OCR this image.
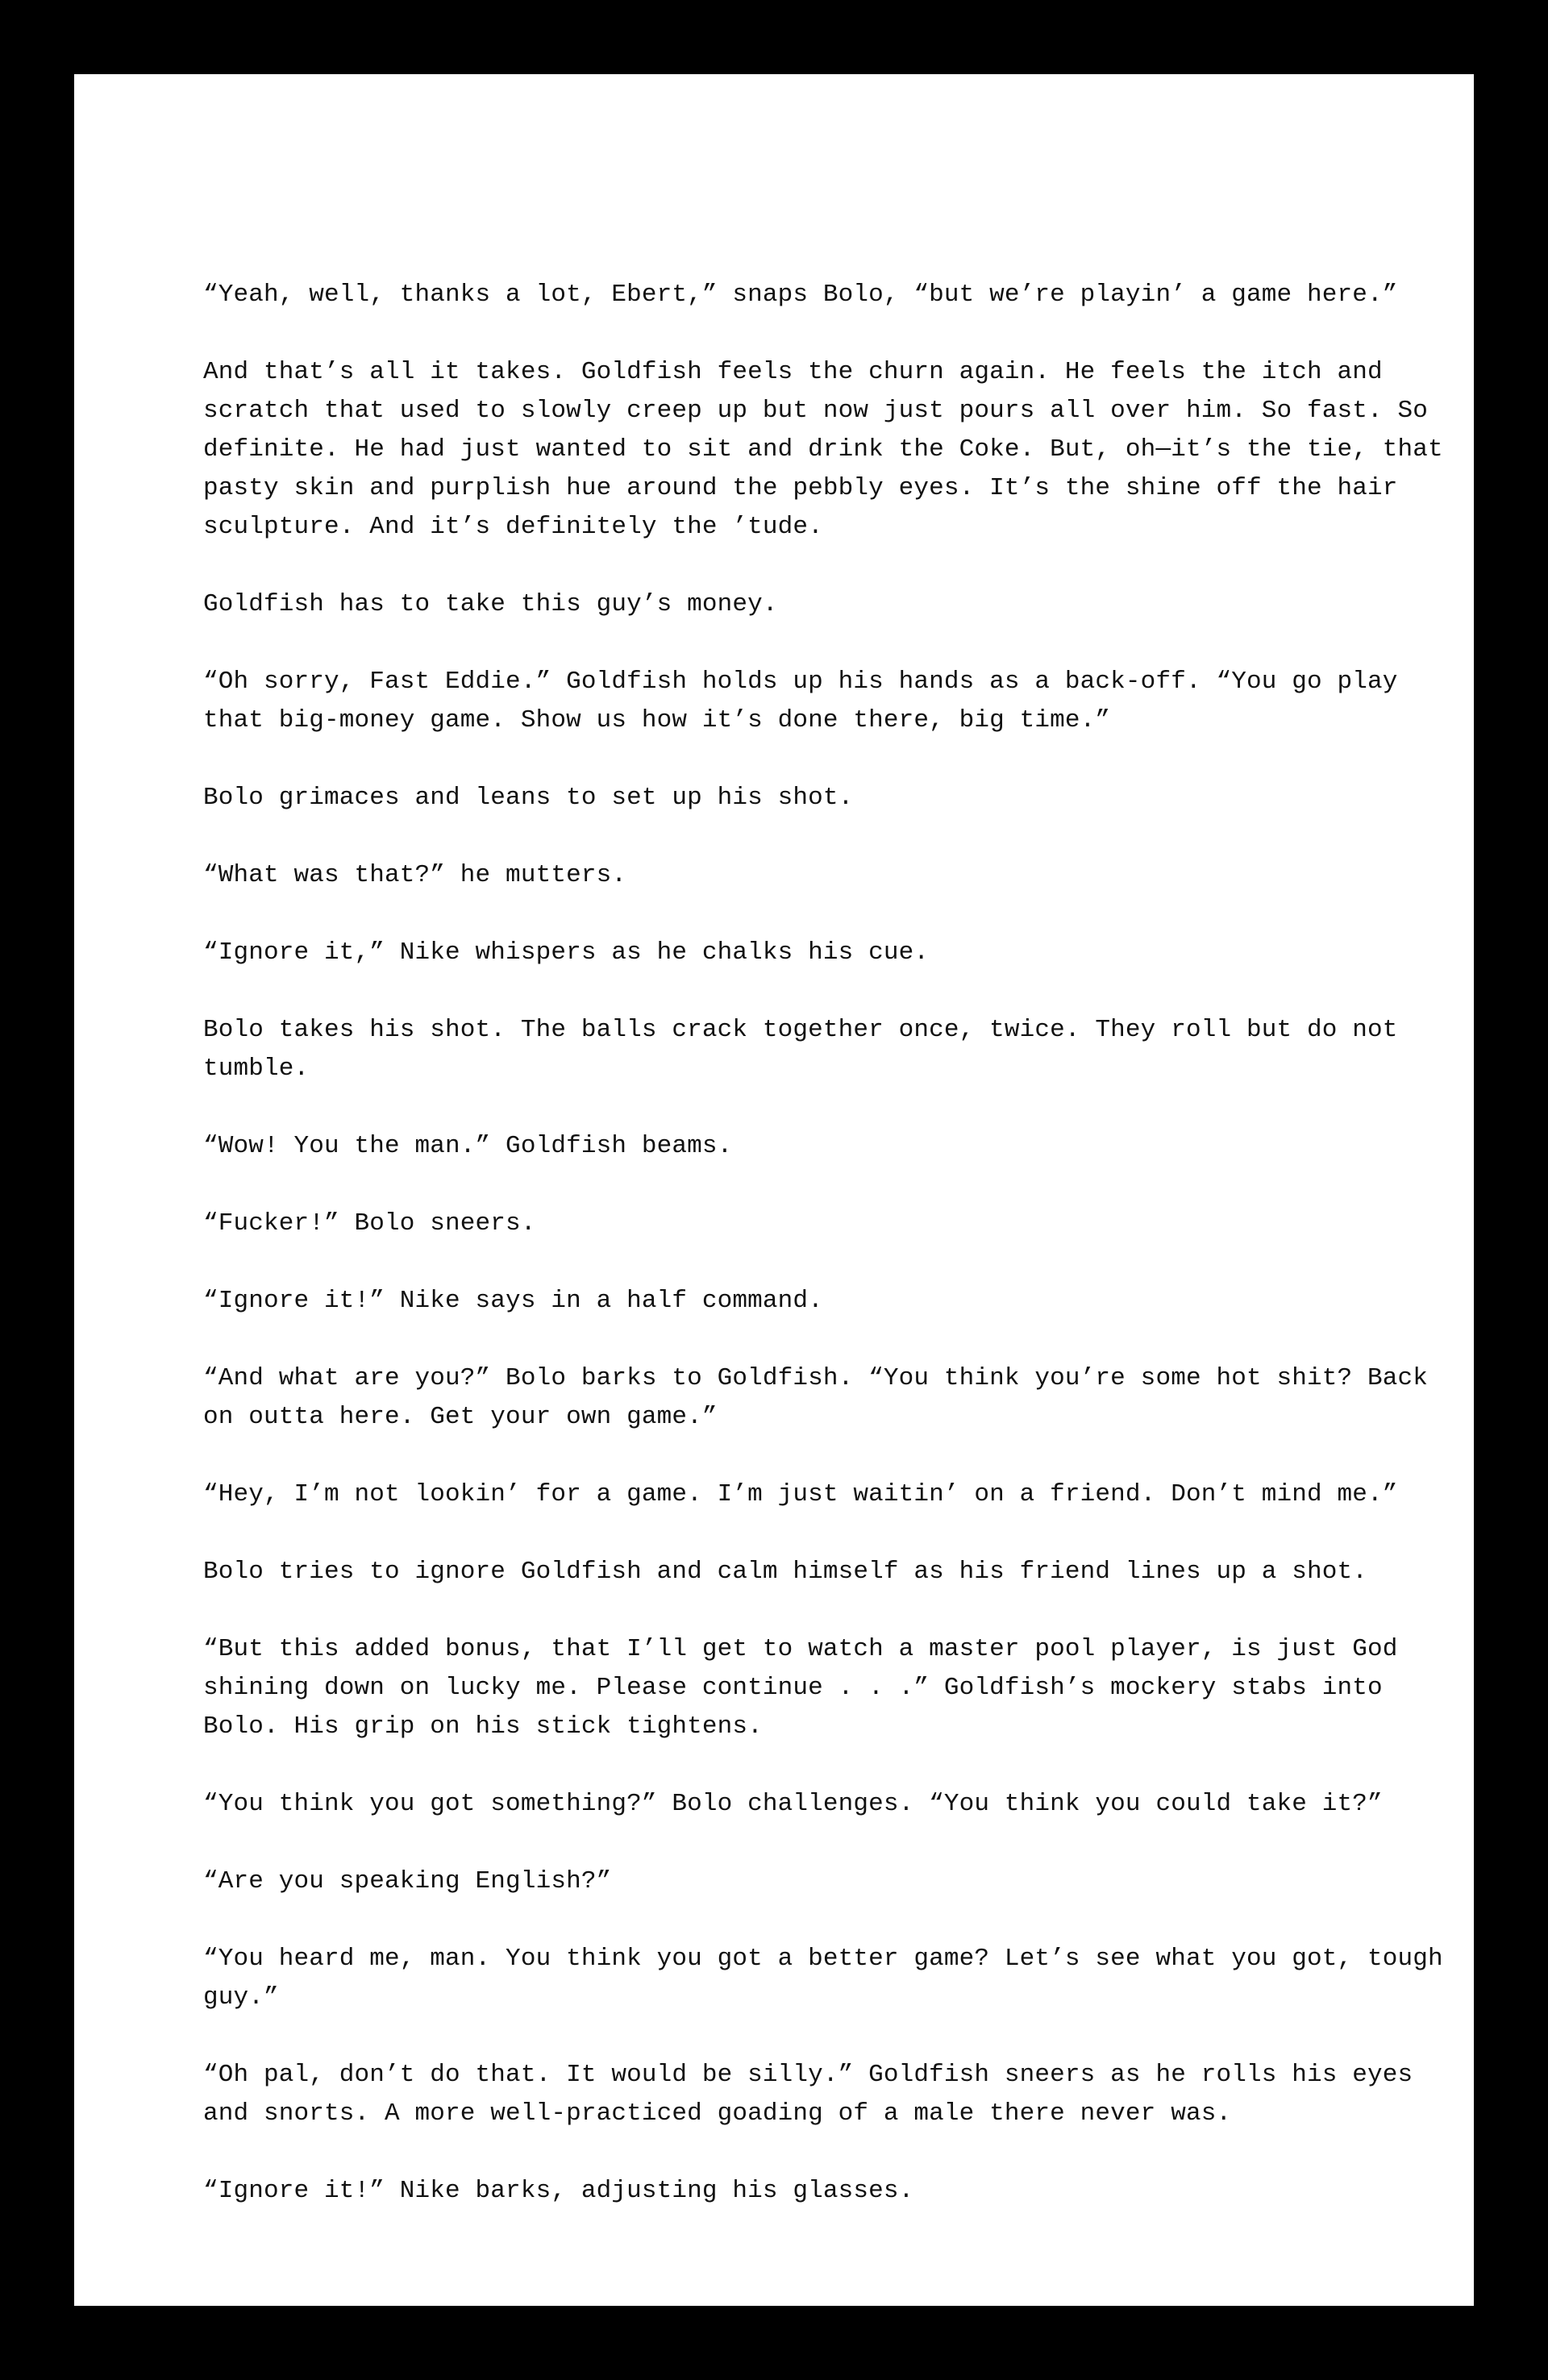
“Yeah, well, thanks a lot, Ebert,” snaps Bolo, “but we’re playin’ a game here.”

And that’s all it takes. Goldfish feels the churn again. He feels the itch and scratch that used to slowly creep up but now just pours all over him. So fast. So definite. He had just wanted to sit and drink the Coke. But, oh—it’s the tie, that pasty skin and purplish hue around the pebbly eyes. It’s the shine off the hair sculpture. And it’s definitely the ’tude.

Goldfish has to take this guy’s money.

“Oh sorry, Fast Eddie.” Goldfish holds up his hands as a back-off. “You go play that big-money game. Show us how it’s done there, big time.”

Bolo grimaces and leans to set up his shot.

“What was that?” he mutters.

“Ignore it,” Nike whispers as he chalks his cue.

Bolo takes his shot. The balls crack together once, twice. They roll but do not tumble.

“Wow! You the man.” Goldfish beams.

“Fucker!” Bolo sneers.

“Ignore it!” Nike says in a half command.

“And what are you?” Bolo barks to Goldfish. “You think you’re some hot shit? Back on outta here. Get your own game.”

“Hey, I’m not lookin’ for a game. I’m just waitin’ on a friend. Don’t mind me.”

Bolo tries to ignore Goldfish and calm himself as his friend lines up a shot.

“But this added bonus, that I’ll get to watch a master pool player, is just God shining down on lucky me. Please continue . . .” Goldfish’s mockery stabs into Bolo. His grip on his stick tightens.

“You think you got something?” Bolo challenges. “You think you could take it?”

“Are you speaking English?”

“You heard me, man. You think you got a better game? Let’s see what you got, tough guy.”

“Oh pal, don’t do that. It would be silly.” Goldfish sneers as he rolls his eyes and snorts. A more well-practiced goading of a male there never was.

“Ignore it!” Nike barks, adjusting his glasses.
